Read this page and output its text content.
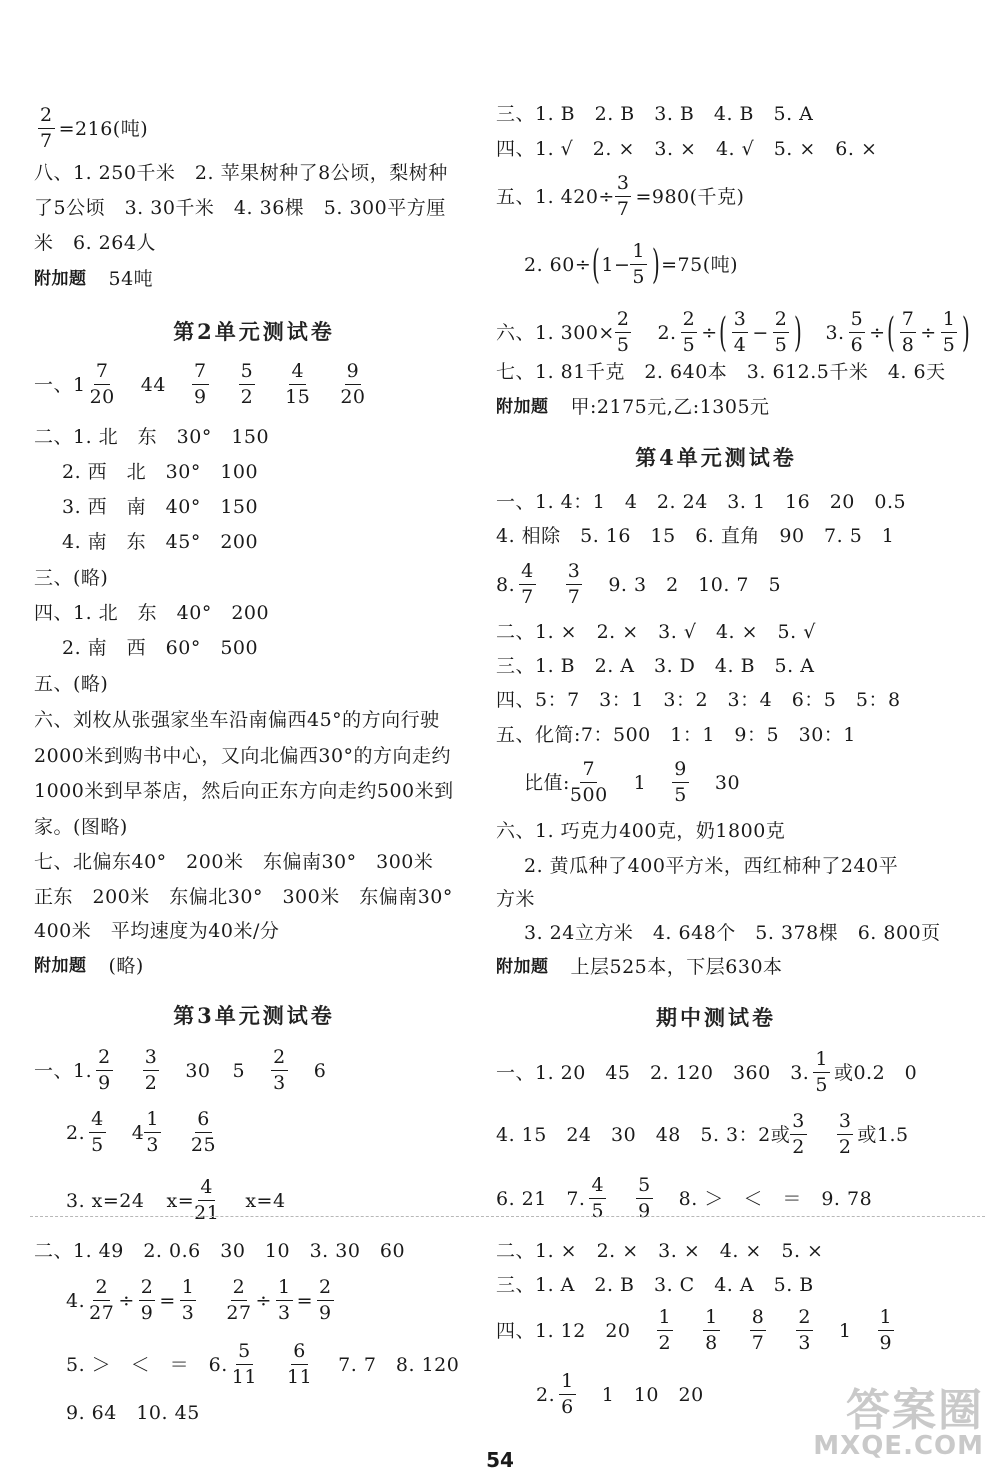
$\frac{2}{7} =216$(吨)
八、1. 250千米　2. 苹果树种了8公顷，梨树种
了5公顷　3. 30千米　4. 36棵　5. 300平方厘
米　6. 264人
附加题 54吨
第2单元测试卷
一、$1 \frac{7}{20} 44 \frac{7}{9} \frac{5}{2} \frac{4}{15} \frac{9}{20}$
二、1. 北　东　30°　150
2. 西　北　30°　100
3. 西　南　40°　150
4. 南　东　45°　200
三、(略)
四、1. 北　东　40°　200
2. 南　西　60°　500
五、(略)
六、刘枚从张强家坐车沿南偏西45°的方向行驶
2000米到购书中心，又向北偏西30°的方向走约
1000米到早茶店，然后向正东方向走约500米到
家。(图略)
七、北偏东40°　200米　东偏南30°　300米
正东　200米　东偏北30°　300米　东偏南30°
400米　平均速度为40米/分
附加题 (略)
第3单元测试卷
一、1. $\frac{2}{9} \frac{3}{2} 30$ $5 \frac{2}{3} 6$
2. $\frac{4}{5} 4 \frac{1}{3} \frac{6}{25}$
3. x=24 $x= \frac{4}{21} x=4$
二、1. 49　2. 0.6　30　10　3. 30　60
4. $\frac{2}{27} \div \frac{2}{9} = \frac{1}{3} \frac{2}{27} \div \frac{1}{3} = \frac{2}{9}$
5. ＞　＜　＝　6. $\frac{5}{11} \frac{6}{11} 7$. 7　8. 120
9. 64　10. 45
三、1. B　2. B　3. B　4. B　5. A
四、1. √　2. ×　3. ×　4. √　5. ×　6. ×
五、1. $420\div \frac{3}{7} =980$(千克)
2. 60÷ ( $1- \frac{1}{5}$ ) =75(吨)
六、1. $300\times \frac{2}{5} 2$. $\frac{2}{5}$ ÷ ( $\frac{3}{4} - \frac{2}{5}$ ) 3. $\frac{5}{6}$ ÷ ( $\frac{7}{8} \div \frac{1}{5}$ )
七、1. 81千克　2. 640本　3. 612.5千米　4. 6天
附加题 甲:2175元,乙:1305元
第4单元测试卷
一、1. 4：1　4　2. 24　3. 1　16　20　0.5
4. 相除　5. 16　15　6. 直角　90　7. 5　1
8. $\frac{4}{7} \frac{3}{7} 9$. 3　2　10. 7　5
二、1. ×　2. ×　3. √　4. ×　5. √
三、1. B　2. A　3. D　4. B　5. A
四、5：7　3：1　3：2　3：4　6：5　5：8
五、化简:7：500　1：1　9：5　30：1
比值: $\frac{7}{500} 1 \frac{9}{5} 30$
六、1. 巧克力400克，奶1800克
2. 黄瓜种了400平方米，西红柿种了240平
方米
3. 24立方米　4. 648个　5. 378棵　6. 800页
附加题 上层525本，下层630本
期中测试卷
一、1. 20　45　2. 120　360　3. $\frac{1}{5}$ 或0.2　0
4. 15　24　30　48　5. 3：2或 $\frac{3}{2} \frac{3}{2}$ 或1.5
6. 21　7. $\frac{4}{5} \frac{5}{9} 8$. ＞　＜　＝　9. 78
二、1. ×　2. ×　3. ×　4. ×　5. ×
三、1. A　2. B　3. C　4. A　5. B
四、1. 12　$20 \frac{1}{2} \frac{1}{8} \frac{8}{7} \frac{2}{3} 1 \frac{1}{9}$
2. $\frac{1}{6} 1$　10　20
54
答案圈
MXQE.COM
